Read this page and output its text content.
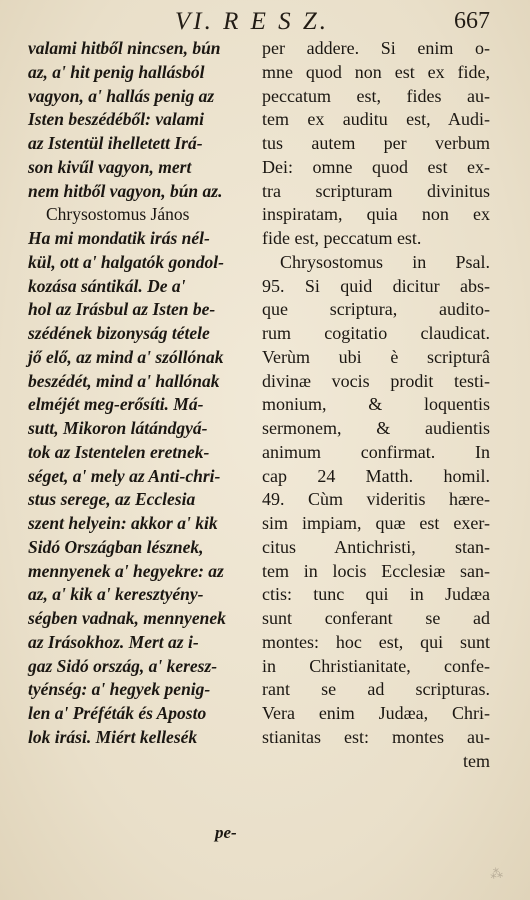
VI. R E S Z.	667
valami hitből nincsen, bún
az, a' hit penig hallásból
vagyon, a' hallás penig az
Isten beszédéből: valami
az Istentül ihelletett Irá-
son kivűl vagyon, mert
nem hitből vagyon, bún az.
Chrysostomus János
Ha mi mondatik irás nél-
kül, ott a' halgatók gondol-
kozása sántikál. De a'
hol az Irásbul az Isten be-
szédének bizonyság tétele
jő elő, az mind a' szóllónak
beszédét, mind a' hallónak
elméjét meg-erősíti. Má-
sutt, Mikoron látándgyá-
tok az Istentelen eretnek-
séget, a' mely az Anti-chri-
stus serege, az Ecclesia
szent helyein: akkor a' kik
Sidó Országban lésznek,
mennyenek a' hegyekre: az
az, a' kik a' keresztyény-
ségben vadnak, mennyenek
az Irásokhoz. Mert az i-
gaz Sidó ország, a' keresz-
tyénség: a' hegyek penig-
len a' Préféták és Aposto
lok irási. Miért kellesék
pe-
per addere. Si enim o-
mne quod non est ex fide,
peccatum est, fides au-
tem ex auditu est, Audi-
tus autem per verbum
Dei: omne quod est ex-
tra scripturam divinitus
inspiratam, quia non ex
fide est, peccatum est.
Chrysostomus in Psal.
95. Si quid dicitur abs-
que scriptura, audito-
rum cogitatio claudicat.
Verùm ubi è scripturâ
divinæ vocis prodit testi-
monium, & loquentis
sermonem, & audientis
animum confirmat. In
cap 24 Matth. homil.
49. Cùm videritis hære-
sim impiam, quæ est exer-
citus Antichristi, stan-
tem in locis Ecclesiæ san-
ctis: tunc qui in Judæa
sunt conferant se ad
montes: hoc est, qui sunt
in Christianitate, confe-
rant se ad scripturas.
Vera enim Judæa, Chri-
stianitas est: montes au-
tem
⁂
